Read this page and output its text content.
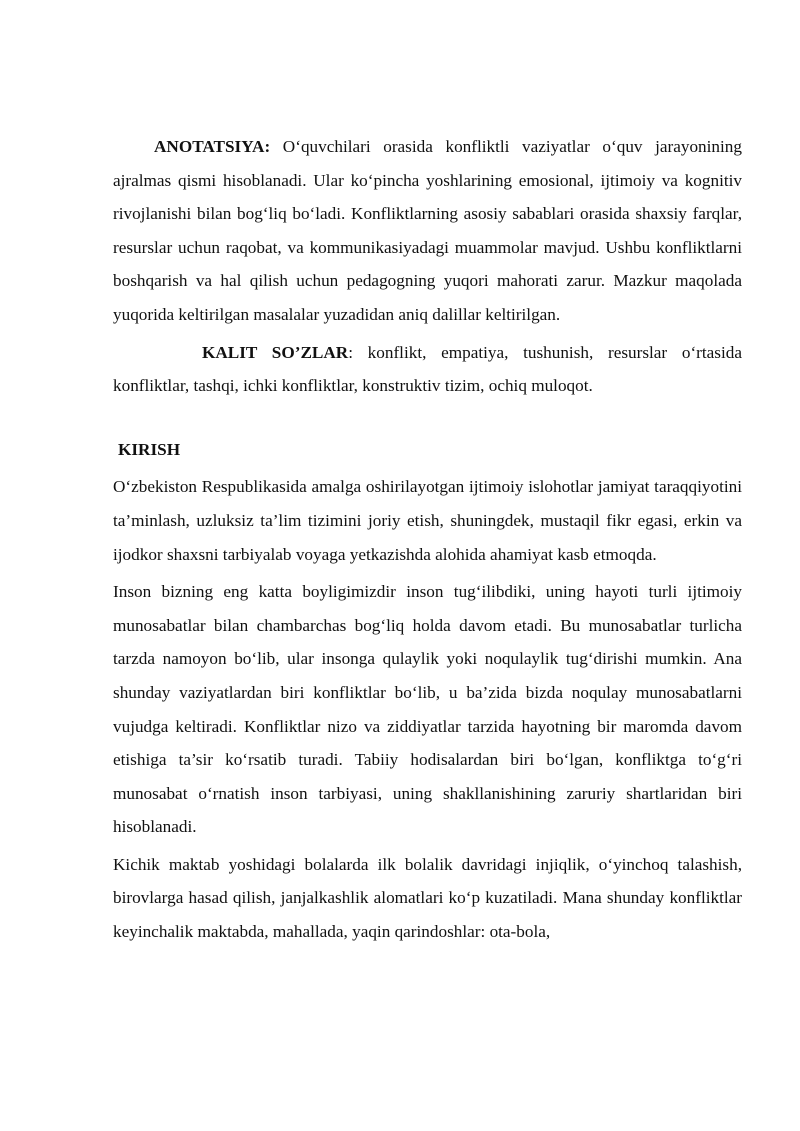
ANOTATSIYA: O‘quvchilari orasida konfliktli vaziyatlar o‘quv jarayonining ajralmas qismi hisoblanadi. Ular ko‘pincha yoshlarining emosional, ijtimoiy va kognitiv rivojlanishi bilan bog‘liq bo‘ladi. Konfliktlarning asosiy sabablari orasida shaxsiy farqlar, resurslar uchun raqobat, va kommunikasiyadagi muammolar mavjud. Ushbu konfliktlarni boshqarish va hal qilish uchun pedagogning yuqori mahorati zarur. Mazkur maqolada yuqorida keltirilgan masalalar yuzadidan aniq dalillar keltirilgan.

KALIT SO’ZLAR: konflikt, empatiya, tushunish, resurslar o‘rtasida konfliktlar, tashqi, ichki konfliktlar, konstruktiv tizim, ochiq muloqot.

KIRISH

O‘zbekiston Respublikasida amalga oshirilayotgan ijtimoiy islohotlar jamiyat taraqqiyotini ta’minlash, uzluksiz ta’lim tizimini joriy etish, shuningdek, mustaqil fikr egasi, erkin va ijodkor shaxsni tarbiyalab voyaga yetkazishda alohida ahamiyat kasb etmoqda.

Inson bizning eng katta boyligimizdir inson tug‘ilibdiki, uning hayoti turli ijtimoiy munosabatlar bilan chambarchas bog‘liq holda davom etadi. Bu munosabatlar turlicha tarzda namoyon bo‘lib, ular insonga qulaylik yoki noqulaylik tug‘dirishi mumkin. Ana shunday vaziyatlardan biri konfliktlar bo‘lib, u ba’zida bizda noqulay munosabatlarni vujudga keltiradi. Konfliktlar nizo va ziddiyatlar tarzida hayotning bir maromda davom etishiga ta’sir ko‘rsatib turadi. Tabiiy hodisalardan biri bo‘lgan, konfliktga to‘g‘ri munosabat o‘rnatish inson tarbiyasi, uning shakllanishining zaruriy shartlaridan biri hisoblanadi.

Kichik maktab yoshidagi bolalarda ilk bolalik davridagi injiqlik, o‘yinchoq talashish, birovlarga hasad qilish, janjalkashlik alomatlari ko‘p kuzatiladi. Mana shunday konfliktlar keyinchalik maktabda, mahallada, yaqin qarindoshlar: ota-bola,
